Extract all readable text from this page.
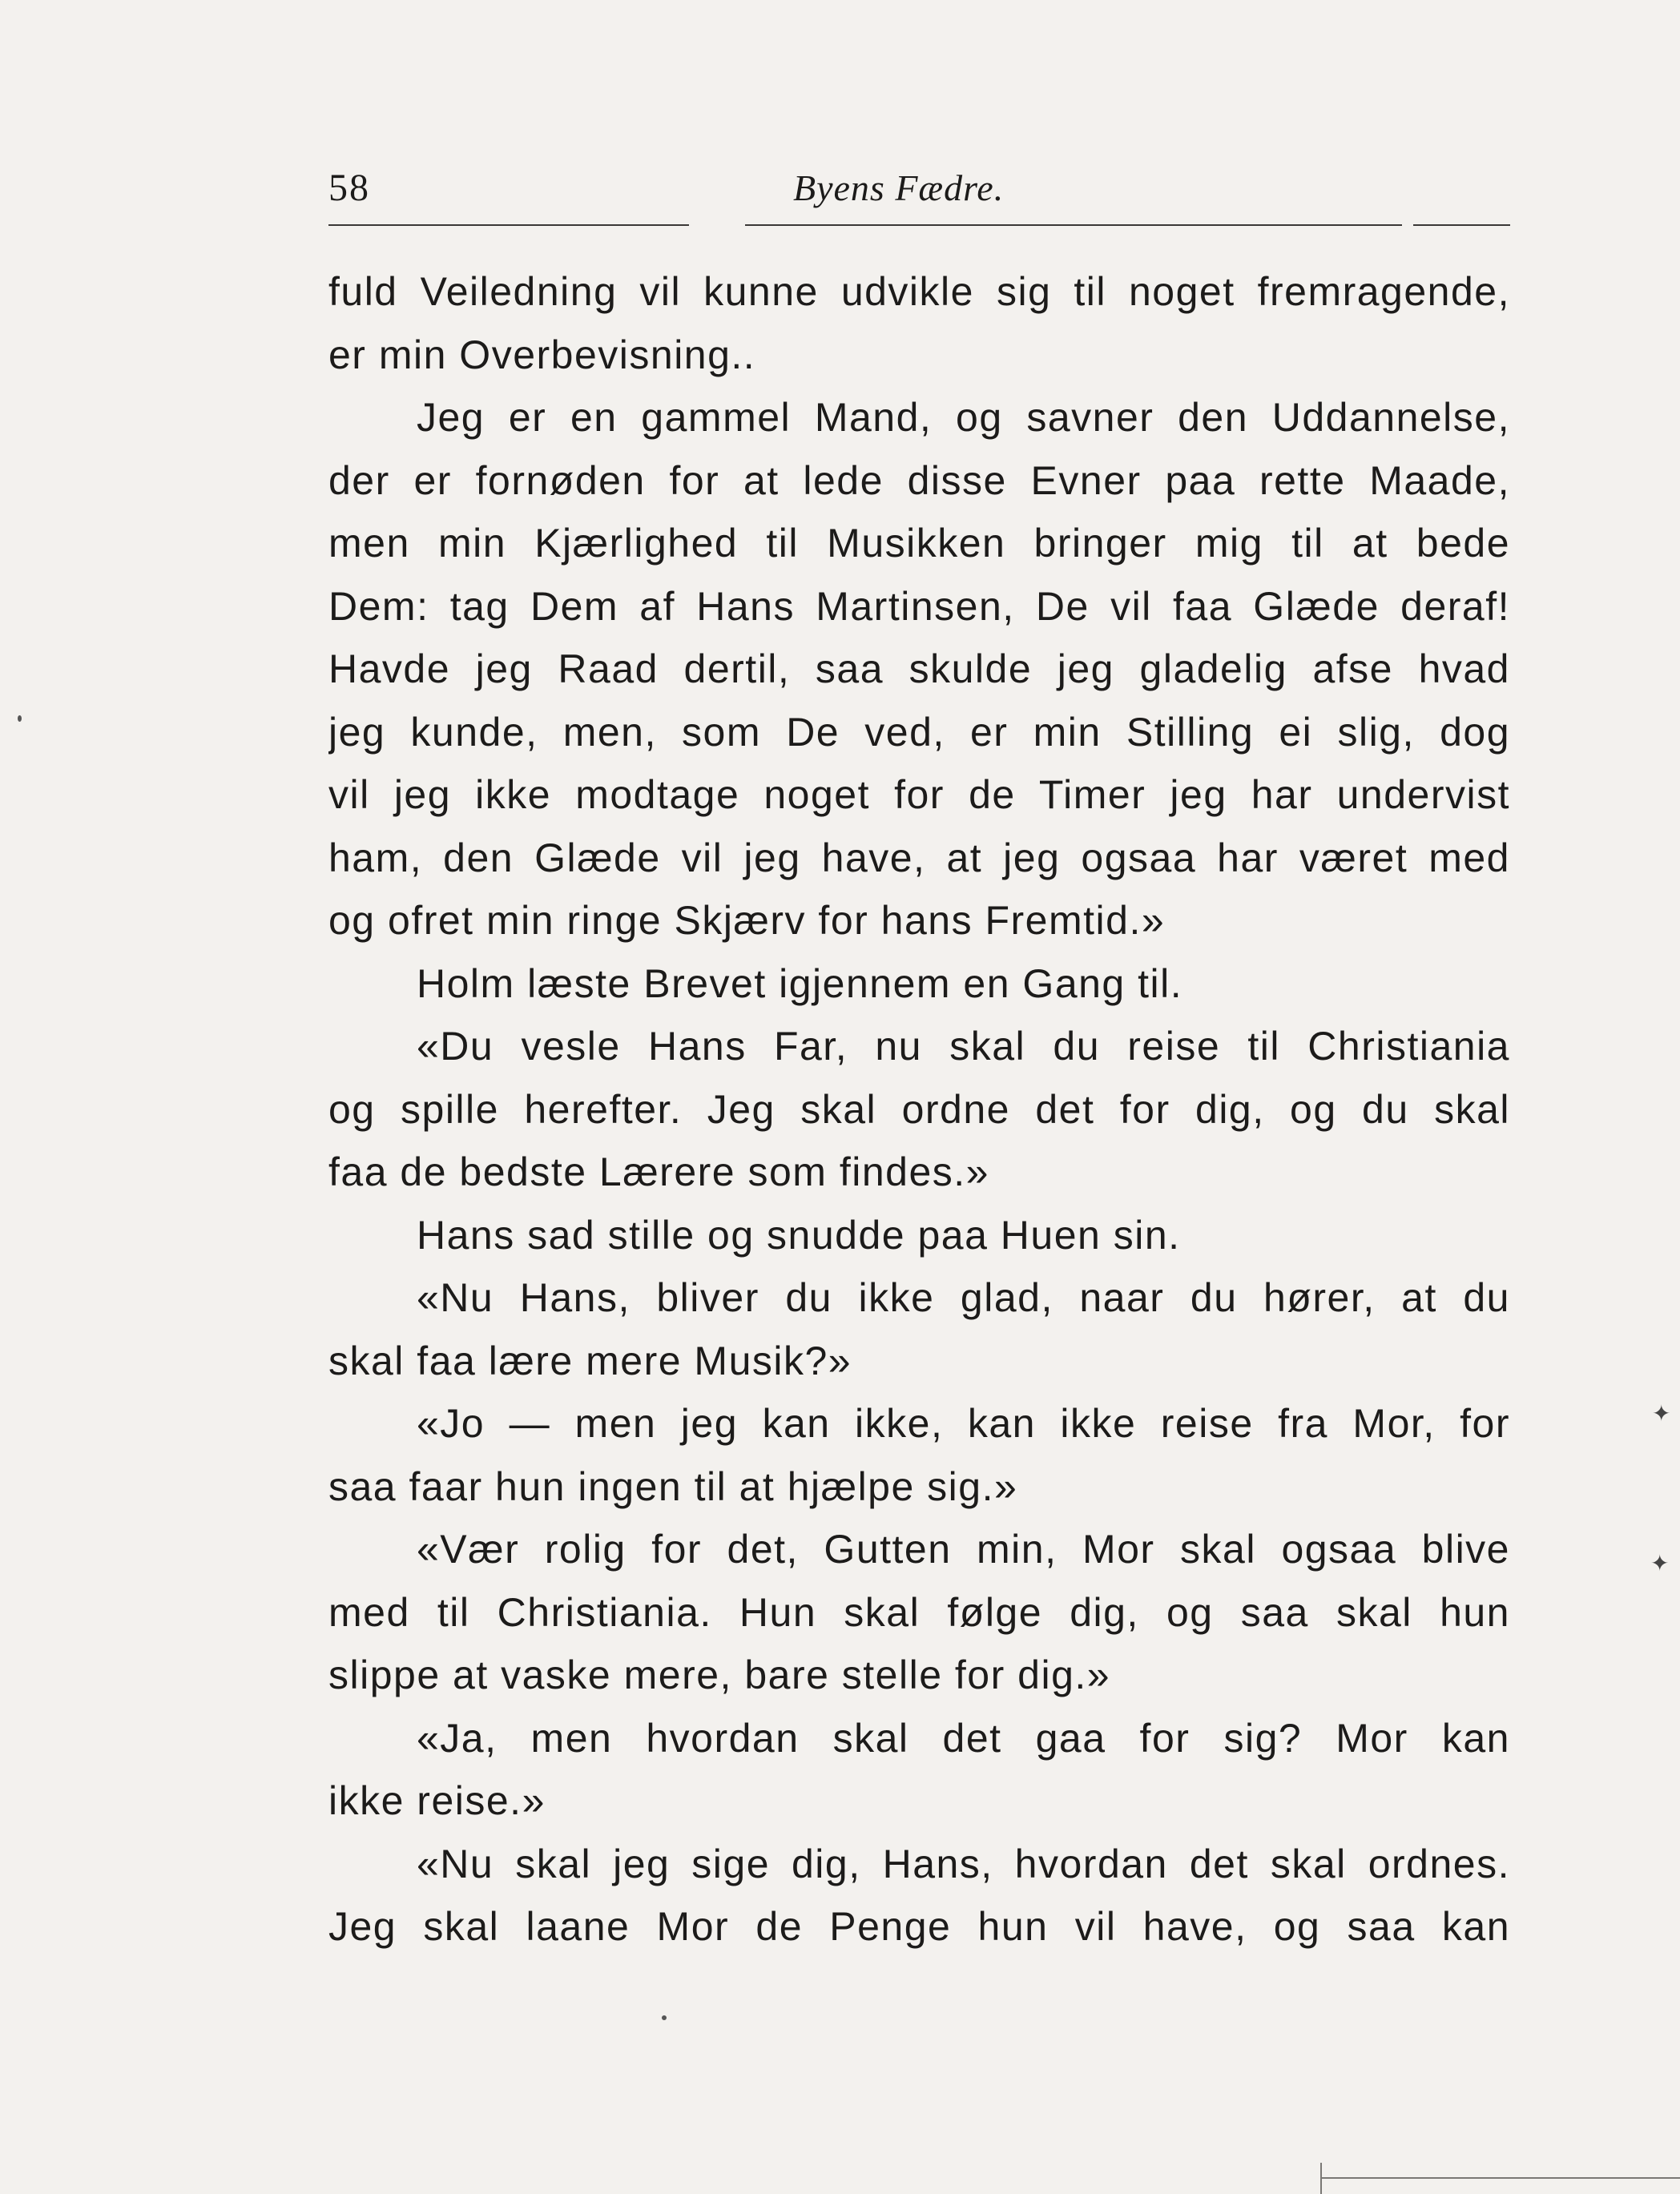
58	Byens Fædre.
fuld Veiledning vil kunne udvikle sig til noget fremragende,
er min Overbevisning..
Jeg er en gammel Mand, og savner den Uddannelse,
der er fornøden for at lede disse Evner paa rette Maade,
men min Kjærlighed til Musikken bringer mig til at bede
Dem: tag Dem af Hans Martinsen, De vil faa Glæde deraf!
Havde jeg Raad dertil, saa skulde jeg gladelig afse hvad
jeg kunde, men, som De ved, er min Stilling ei slig, dog
vil jeg ikke modtage noget for de Timer jeg har undervist
ham, den Glæde vil jeg have, at jeg ogsaa har været med
og ofret min ringe Skjærv for hans Fremtid.»
Holm læste Brevet igjennem en Gang til.
«Du vesle Hans Far, nu skal du reise til Christiania
og spille herefter. Jeg skal ordne det for dig, og du skal
faa de bedste Lærere som findes.»
Hans sad stille og snudde paa Huen sin.
«Nu Hans, bliver du ikke glad, naar du hører, at du
skal faa lære mere Musik?»
«Jo — men jeg kan ikke, kan ikke reise fra Mor, for
saa faar hun ingen til at hjælpe sig.»
«Vær rolig for det, Gutten min, Mor skal ogsaa blive
med til Christiania. Hun skal følge dig, og saa skal hun
slippe at vaske mere, bare stelle for dig.»
«Ja, men hvordan skal det gaa for sig? Mor kan
ikke reise.»
«Nu skal jeg sige dig, Hans, hvordan det skal ordnes.
Jeg skal laane Mor de Penge hun vil have, og saa kan
✦
✦
